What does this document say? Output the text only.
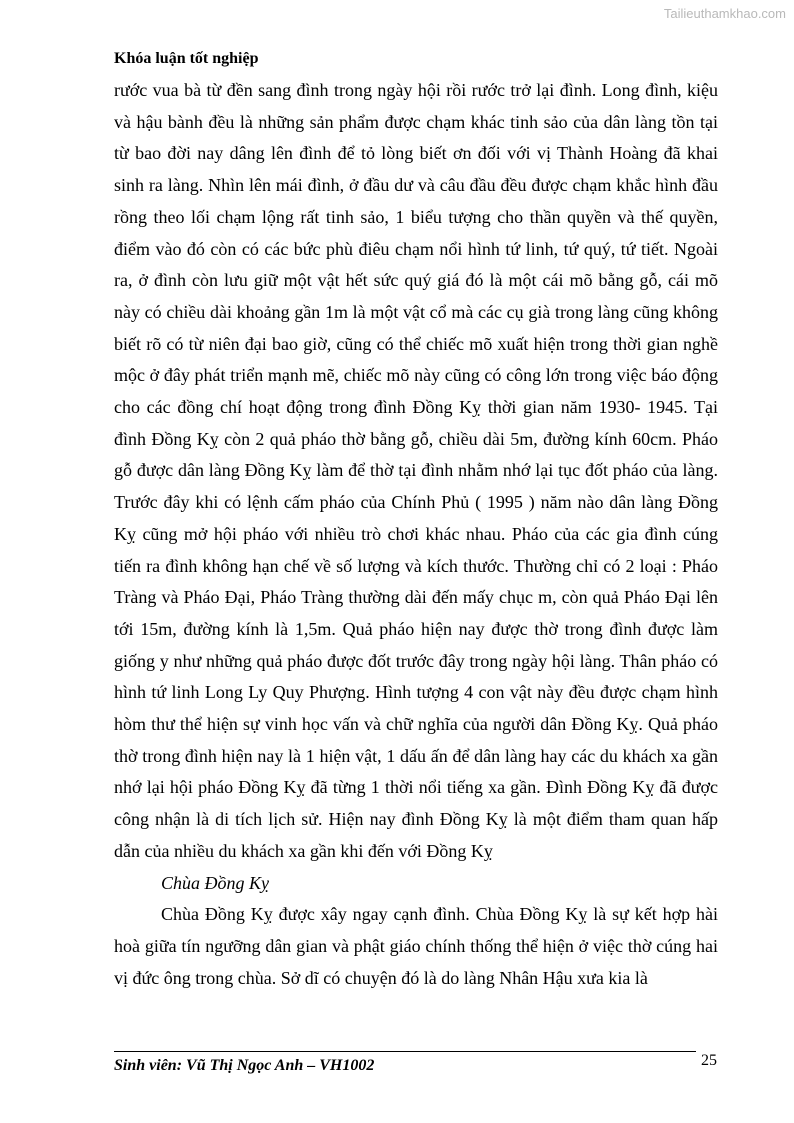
Tailieuthamkhao.com
Khóa luận tốt nghiệp

rước vua bà từ đền sang đình trong ngày hội rồi rước trở lại đình. Long đình, kiệu và hậu bành đều là những sản phẩm được chạm khác tinh sảo của dân làng tồn tại từ bao đời nay dâng lên đình để tỏ lòng biết ơn đối với vị Thành Hoàng đã khai sinh ra làng. Nhìn lên mái đình, ở đầu dư và câu đầu đều được chạm khắc hình đầu rồng theo lối chạm lộng rất tinh sảo, 1 biểu tượng cho thần quyền và thế quyền, điểm vào đó còn có các bức phù điêu chạm nổi hình tứ linh, tứ quý, tứ tiết. Ngoài ra, ở đình còn lưu giữ một vật hết sức quý giá đó là một cái mõ bằng gỗ, cái mõ này có chiều dài khoảng gần 1m là một vật cổ mà các cụ già trong làng cũng không biết rõ có từ niên đại bao giờ, cũng có thể chiếc mõ xuất hiện trong thời gian nghề mộc ở đây phát triển mạnh mẽ, chiếc mõ này cũng có công lớn trong việc báo động cho các đồng chí hoạt động trong đình Đồng Kỵ thời gian năm 1930- 1945. Tại đình Đồng Kỵ còn 2 quả pháo thờ bằng gỗ, chiều dài 5m, đường kính 60cm. Pháo gỗ được dân làng Đồng Kỵ làm để thờ tại đình nhằm nhớ lại tục đốt pháo của làng. Trước đây khi có lệnh cấm pháo của Chính Phủ ( 1995 ) năm nào dân làng Đồng Kỵ cũng mở hội pháo với nhiều trò chơi khác nhau. Pháo của các gia đình cúng tiến ra đình không hạn chế về số lượng và kích thước. Thường chỉ có 2 loại : Pháo Tràng và Pháo Đại, Pháo Tràng thường dài đến mấy chục m, còn quả Pháo Đại lên tới 15m, đường kính là 1,5m. Quả pháo hiện nay được thờ trong đình được làm giống y như những quả pháo được đốt trước đây trong ngày hội làng. Thân pháo có hình tứ linh Long Ly Quy Phượng. Hình tượng 4 con vật này đều được chạm hình hòm thư thể hiện sự vinh học vấn và chữ nghĩa của người dân Đồng Kỵ. Quả pháo thờ trong đình hiện nay là 1 hiện vật, 1 dấu ấn để dân làng hay các du khách xa gần nhớ lại hội pháo Đồng Kỵ đã từng 1 thời nổi tiếng xa gần. Đình Đồng Kỵ đã được công nhận là di tích lịch sử. Hiện nay đình Đồng Kỵ là một điểm tham quan hấp dẫn của nhiều du khách xa gần khi đến với Đồng Kỵ

Chùa Đồng Kỵ

Chùa Đồng Kỵ được xây ngay cạnh đình. Chùa Đồng Kỵ là sự kết hợp hài hoà giữa tín ngưỡng dân gian và phật giáo chính thống thể hiện ở việc thờ cúng hai vị đức ông trong chùa. Sở dĩ có chuyện đó là do làng Nhân Hậu xưa kia là

Sinh viên: Vũ Thị Ngọc Anh – VH1002	25
